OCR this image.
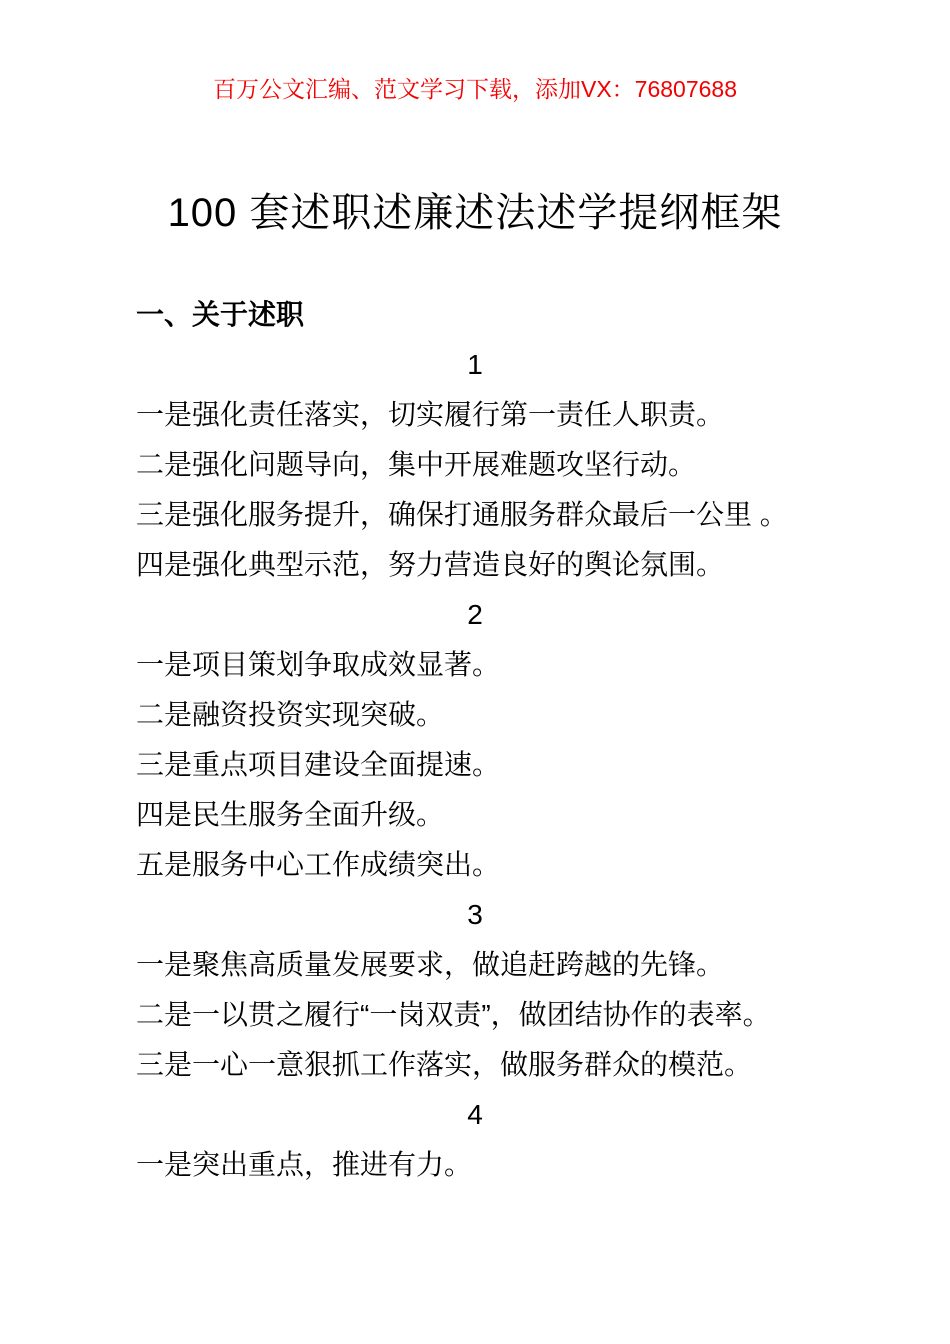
百万公文汇编、范文学习下载，添加VX：76807688
100 套述职述廉述法述学提纲框架
一、关于述职

1

一是强化责任落实，切实履行第一责任人职责。

二是强化问题导向，集中开展难题攻坚行动。

三是强化服务提升，确保打通服务群众最后一公里 。

四是强化典型示范，努力营造良好的舆论氛围。

2

一是项目策划争取成效显著。

二是融资投资实现突破。

三是重点项目建设全面提速。

四是民生服务全面升级。

五是服务中心工作成绩突出。

3

一是聚焦高质量发展要求，做追赶跨越的先锋。

二是一以贯之履行“一岗双责”，做团结协作的表率。

三是一心一意狠抓工作落实，做服务群众的模范。

4

一是突出重点，推进有力。
